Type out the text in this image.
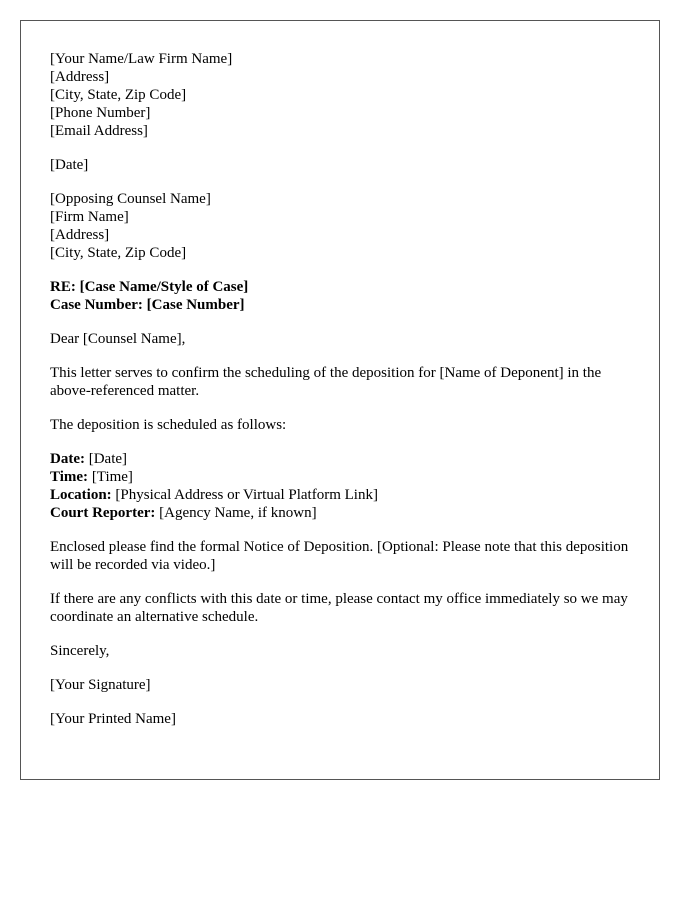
[Your Name/Law Firm Name]
[Address]
[City, State, Zip Code]
[Phone Number]
[Email Address]
[Date]
[Opposing Counsel Name]
[Firm Name]
[Address]
[City, State, Zip Code]
RE: [Case Name/Style of Case]
Case Number: [Case Number]

Dear [Counsel Name],

This letter serves to confirm the scheduling of the deposition for [Name of Deponent] in the above-referenced matter.

The deposition is scheduled as follows:

Date: [Date]
Time: [Time]
Location: [Physical Address or Virtual Platform Link]
Court Reporter: [Agency Name, if known]

Enclosed please find the formal Notice of Deposition. [Optional: Please note that this deposition will be recorded via video.]

If there are any conflicts with this date or time, please contact my office immediately so we may coordinate an alternative schedule.

Sincerely,

[Your Signature]

[Your Printed Name]
